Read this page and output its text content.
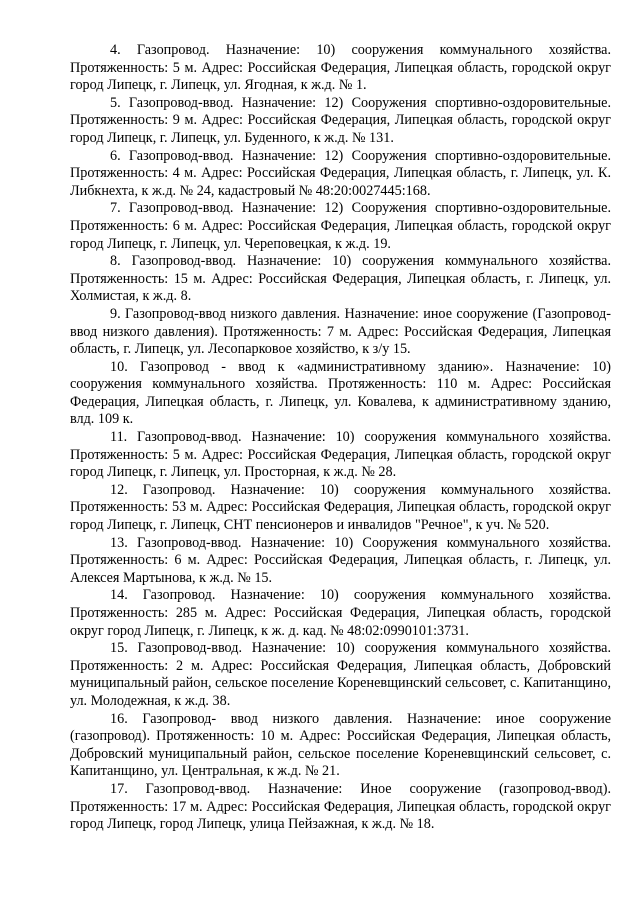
4. Газопровод. Назначение: 10) сооружения коммунального хозяйства. Протяженность: 5 м. Адрес: Российская Федерация, Липецкая область, городской округ город Липецк, г. Липецк, ул. Ягодная, к ж.д. № 1.

5. Газопровод-ввод. Назначение: 12) Сооружения спортивно-оздоровительные. Протяженность: 9 м. Адрес: Российская Федерация, Липецкая область, городской округ город Липецк, г. Липецк, ул. Буденного, к ж.д. № 131.

6. Газопровод-ввод. Назначение: 12) Сооружения спортивно-оздоровительные. Протяженность: 4 м. Адрес: Российская Федерация, Липецкая область, г. Липецк, ул. К. Либкнехта, к ж.д. № 24, кадастровый № 48:20:0027445:168.

7. Газопровод-ввод. Назначение: 12) Сооружения спортивно-оздоровительные. Протяженность: 6 м. Адрес: Российская Федерация, Липецкая область, городской округ город Липецк, г. Липецк, ул. Череповецкая, к ж.д. 19.

8. Газопровод-ввод. Назначение: 10) сооружения коммунального хозяйства. Протяженность: 15 м. Адрес: Российская Федерация, Липецкая область, г. Липецк, ул. Холмистая, к ж.д. 8.

9. Газопровод-ввод низкого давления. Назначение: иное сооружение (Газопровод-ввод низкого давления). Протяженность: 7 м. Адрес: Российская Федерация, Липецкая область, г. Липецк, ул. Лесопарковое хозяйство, к з/у 15.

10. Газопровод - ввод к «административному зданию». Назначение: 10) сооружения коммунального хозяйства. Протяженность: 110 м. Адрес: Российская Федерация, Липецкая область, г. Липецк, ул. Ковалева, к административному зданию, влд. 109 к.

11. Газопровод-ввод. Назначение: 10) сооружения коммунального хозяйства. Протяженность: 5 м. Адрес: Российская Федерация, Липецкая область, городской округ город Липецк, г. Липецк, ул. Просторная, к ж.д. № 28.

12. Газопровод. Назначение: 10) сооружения коммунального хозяйства. Протяженность: 53 м. Адрес: Российская Федерация, Липецкая область, городской округ город Липецк, г. Липецк, СНТ пенсионеров и инвалидов "Речное", к уч. № 520.

13. Газопровод-ввод. Назначение: 10) Сооружения коммунального хозяйства. Протяженность: 6 м. Адрес: Российская Федерация, Липецкая область, г. Липецк, ул. Алексея Мартынова, к ж.д. № 15.

14. Газопровод. Назначение: 10) сооружения коммунального хозяйства. Протяженность: 285 м. Адрес: Российская Федерация, Липецкая область, городской округ город Липецк, г. Липецк, к ж. д. кад. № 48:02:0990101:3731.

15. Газопровод-ввод. Назначение: 10) сооружения коммунального хозяйства. Протяженность: 2 м. Адрес: Российская Федерация, Липецкая область, Добровский муниципальный район, сельское поселение Кореневщинский сельсовет, с. Капитанщино, ул. Молодежная, к ж.д. 38.

16. Газопровод- ввод низкого давления. Назначение: иное сооружение (газопровод). Протяженность: 10 м. Адрес: Российская Федерация, Липецкая область, Добровский муниципальный район, сельское поселение Кореневщинский сельсовет, с. Капитанщино, ул. Центральная, к ж.д. № 21.

17. Газопровод-ввод. Назначение: Иное сооружение (газопровод-ввод). Протяженность: 17 м. Адрес: Российская Федерация, Липецкая область, городской округ город Липецк, город Липецк, улица Пейзажная, к ж.д. № 18.
